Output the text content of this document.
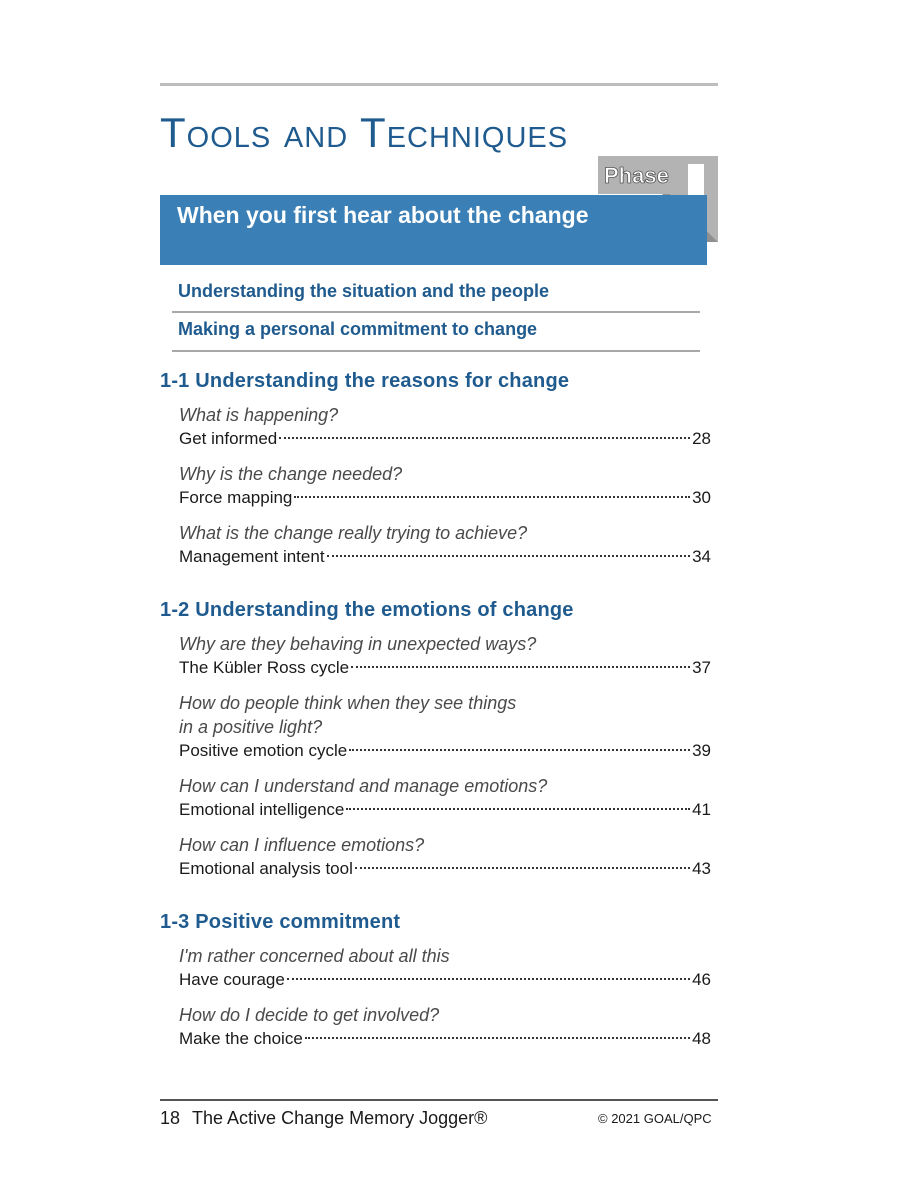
Tools and Techniques
Phase
When you first hear about the change
Understanding the situation and the people
Making a personal commitment to change
1-1 Understanding the reasons for change
What is happening?
Get informed	28
Why is the change needed?
Force mapping	30
What is the change really trying to achieve?
Management intent	34
1-2 Understanding the emotions of change
Why are they behaving in unexpected ways?
The Kübler Ross cycle	37
How do people think when they see things
in a positive light?
Positive emotion cycle	39
How can I understand and manage emotions?
Emotional intelligence	41
How can I influence emotions?
Emotional analysis tool	43
1-3 Positive commitment
I'm rather concerned about all this
Have courage	46
How do I decide to get involved?
Make the choice	48
18 The Active Change Memory Jogger®	© 2021 GOAL/QPC
